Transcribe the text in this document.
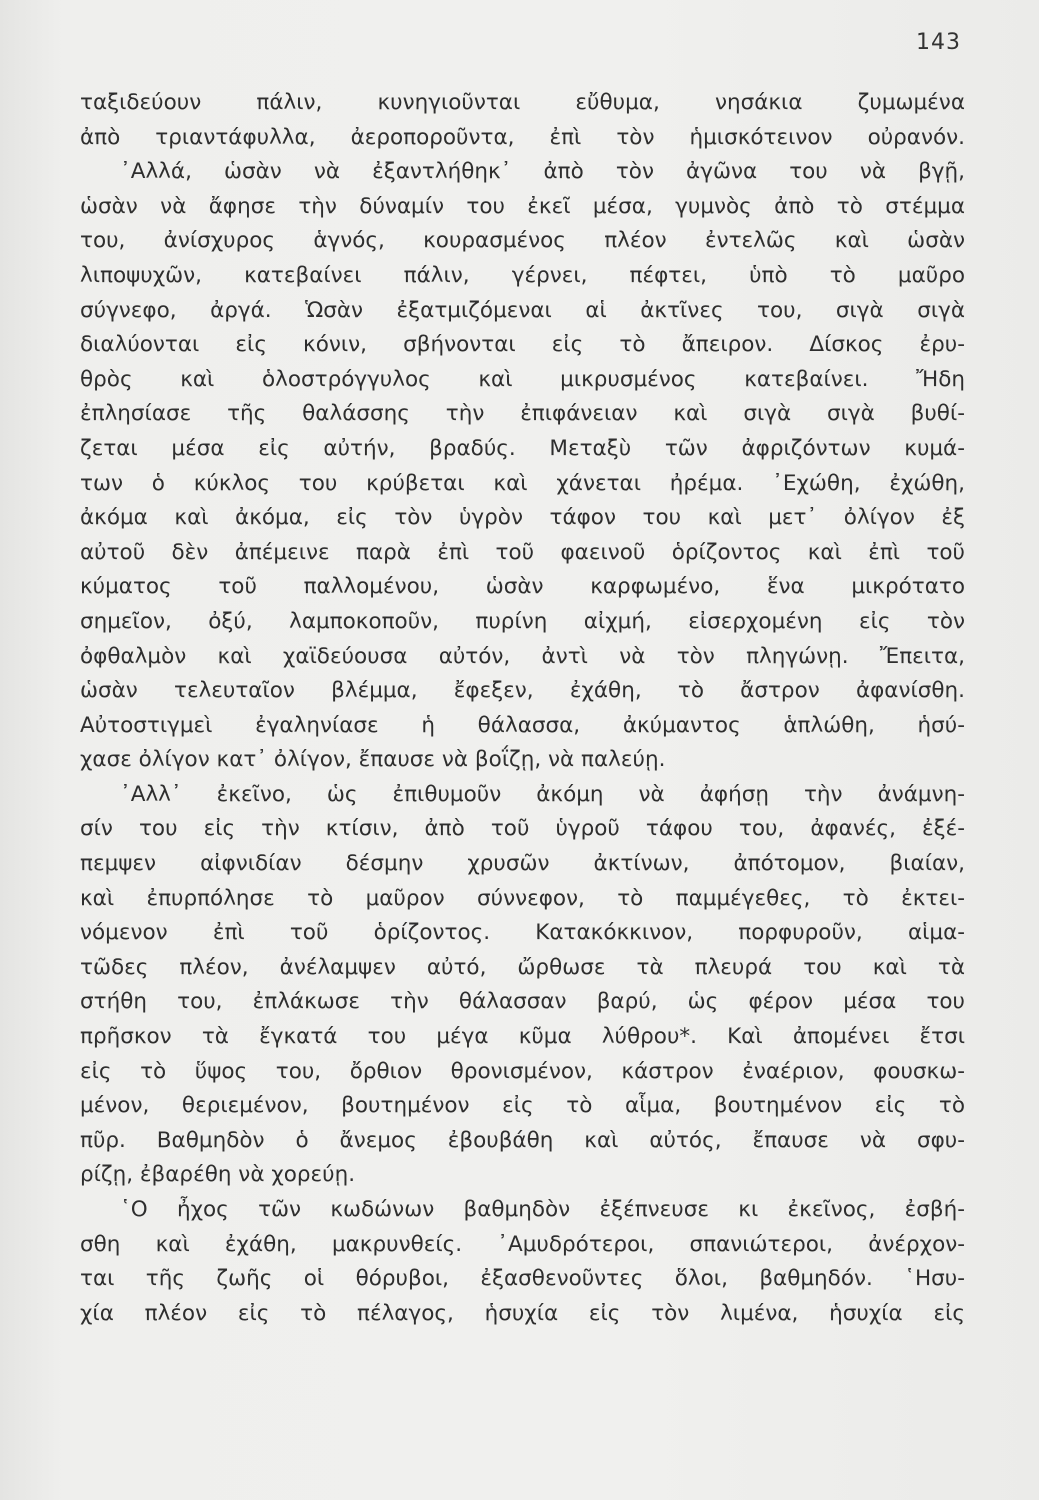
143
ταξιδεύουν πάλιν, κυνηγιοῦνται εὔθυμα, νησάκια ζυμωμένα
ἀπὸ τριαντάφυλλα, ἀεροποροῦντα, ἐπὶ τὸν ἡμισκότεινον οὐρανόν.
᾿Αλλά, ὡσὰν νὰ ἐξαντλήθηκ᾿ ἀπὸ τὸν ἀγῶνα του νὰ βγῇ,
ὡσὰν νὰ ἄφησε τὴν δύναμίν του ἐκεῖ μέσα, γυμνὸς ἀπὸ τὸ στέμμα
του, ἀνίσχυρος ἁγνός, κουρασμένος πλέον ἐντελῶς καὶ ὡσὰν
λιποψυχῶν, κατεβαίνει πάλιν, γέρνει, πέφτει, ὑπὸ τὸ μαῦρο
σύγνεφο, ἀργά. Ὡσὰν ἐξατμιζόμεναι αἱ ἀκτῖνες του, σιγὰ σιγὰ
διαλύονται εἰς κόνιν, σβήνονται εἰς τὸ ἄπειρον. Δίσκος ἐρυ-
θρὸς καὶ ὁλοστρόγγυλος καὶ μικρυσμένος κατεβαίνει. Ἤδη
ἐπλησίασε τῆς θαλάσσης τὴν ἐπιφάνειαν καὶ σιγὰ σιγὰ βυθί-
ζεται μέσα εἰς αὐτήν, βραδύς. Μεταξὺ τῶν ἀφριζόντων κυμά-
των ὁ κύκλος του κρύβεται καὶ χάνεται ἠρέμα. ᾿Εχώθη, ἐχώθη,
ἀκόμα καὶ ἀκόμα, εἰς τὸν ὑγρὸν τάφον του καὶ μετ᾿ ὀλίγον ἐξ
αὐτοῦ δὲν ἀπέμεινε παρὰ ἐπὶ τοῦ φαεινοῦ ὁρίζοντος καὶ ἐπὶ τοῦ
κύματος τοῦ παλλομένου, ὡσὰν καρφωμένο, ἕνα μικρότατο
σημεῖον, ὀξύ, λαμποκοποῦν, πυρίνη αἰχμή, εἰσερχομένη εἰς τὸν
ὀφθαλμὸν καὶ χαϊδεύουσα αὐτόν, ἀντὶ νὰ τὸν πληγώνῃ. Ἔπειτα,
ὡσὰν τελευταῖον βλέμμα, ἔφεξεν, ἐχάθη, τὸ ἄστρον ἀφανίσθη.
Αὐτοστιγμεὶ ἐγαληνίασε ἡ θάλασσα, ἀκύμαντος ἁπλώθη, ἡσύ-
χασε ὀλίγον κατ᾿ ὀλίγον, ἔπαυσε νὰ βοΐζῃ, νὰ παλεύῃ.
᾿Αλλ᾿ ἐκεῖνο, ὡς ἐπιθυμοῦν ἀκόμη νὰ ἀφήσῃ τὴν ἀνάμνη-
σίν του εἰς τὴν κτίσιν, ἀπὸ τοῦ ὑγροῦ τάφου του, ἀφανές, ἐξέ-
πεμψεν αἰφνιδίαν δέσμην χρυσῶν ἀκτίνων, ἀπότομον, βιαίαν,
καὶ ἐπυρπόλησε τὸ μαῦρον σύννεφον, τὸ παμμέγεθες, τὸ ἐκτει-
νόμενον ἐπὶ τοῦ ὁρίζοντος. Κατακόκκινον, πορφυροῦν, αἱμα-
τῶδες πλέον, ἀνέλαμψεν αὐτό, ὤρθωσε τὰ πλευρά του καὶ τὰ
στήθη του, ἐπλάκωσε τὴν θάλασσαν βαρύ, ὡς φέρον μέσα του
πρῆσκον τὰ ἔγκατά του μέγα κῦμα λύθρου*. Καὶ ἀπομένει ἔτσι
εἰς τὸ ὕψος του, ὄρθιον θρονισμένον, κάστρον ἐναέριον, φουσκω-
μένον, θεριεμένον, βουτημένον εἰς τὸ αἷμα, βουτημένον εἰς τὸ
πῦρ. Βαθμηδὸν ὁ ἄνεμος ἐβουβάθη καὶ αὐτός, ἔπαυσε νὰ σφυ-
ρίζῃ, ἐβαρέθη νὰ χορεύῃ.
῾Ο ἦχος τῶν κωδώνων βαθμηδὸν ἐξέπνευσε κι ἐκεῖνος, ἐσβή-
σθη καὶ ἐχάθη, μακρυνθείς. ᾿Αμυδρότεροι, σπανιώτεροι, ἀνέρχον-
ται τῆς ζωῆς οἱ θόρυβοι, ἐξασθενοῦντες ὅλοι, βαθμηδόν. ῾Ησυ-
χία πλέον εἰς τὸ πέλαγος, ἡσυχία εἰς τὸν λιμένα, ἡσυχία εἰς
